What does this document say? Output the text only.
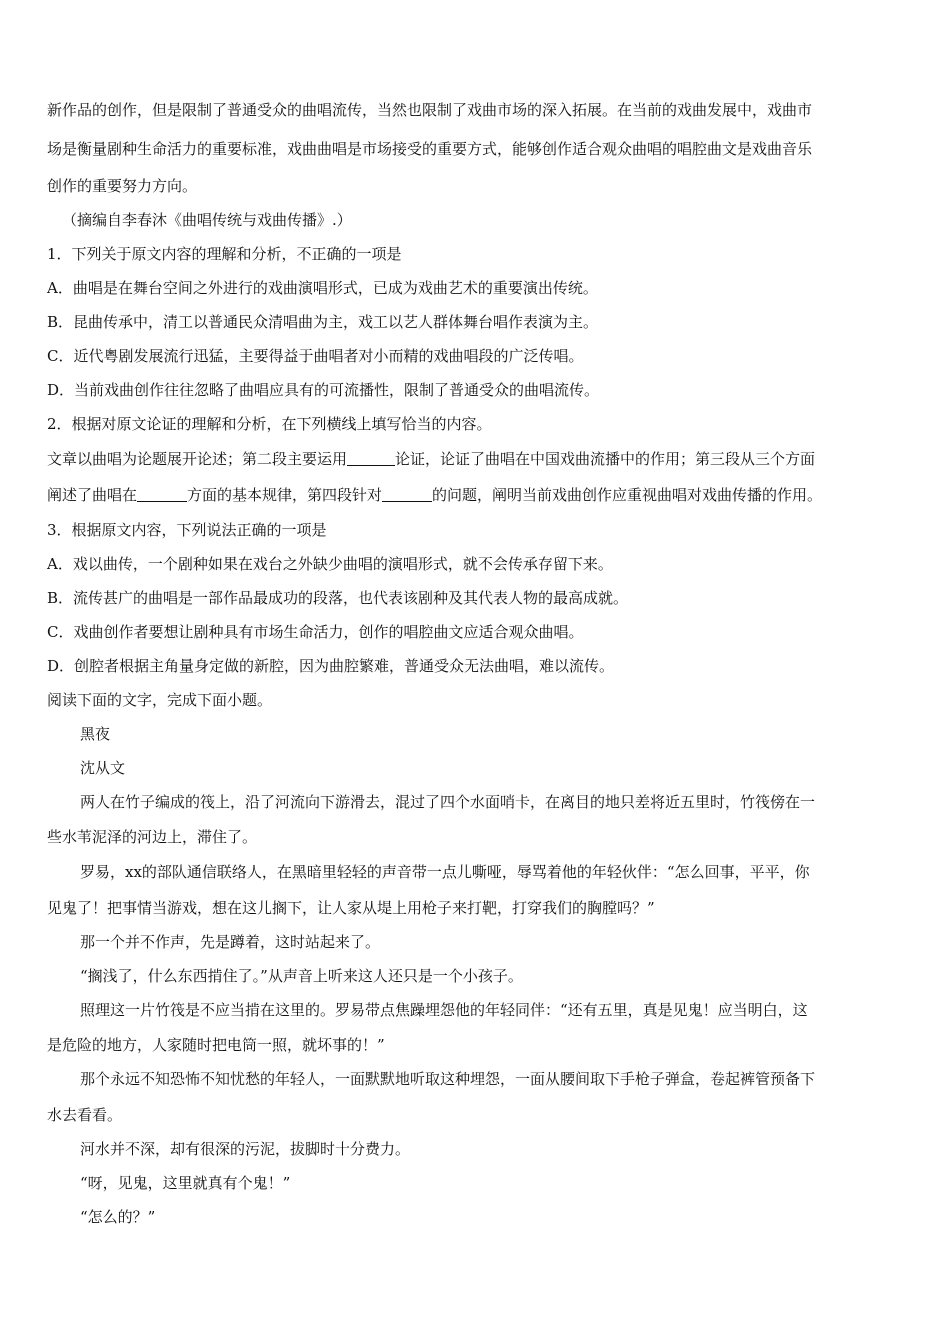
新作品的创作，但是限制了普通受众的曲唱流传，当然也限制了戏曲市场的深入拓展。在当前的戏曲发展中，戏曲市
场是衡量剧种生命活力的重要标准，戏曲曲唱是市场接受的重要方式，能够创作适合观众曲唱的唱腔曲文是戏曲音乐
创作的重要努力方向。
（摘编自李春沐《曲唱传统与戏曲传播》.）
1．下列关于原文内容的理解和分析，不正确的一项是
A．曲唱是在舞台空间之外进行的戏曲演唱形式，已成为戏曲艺术的重要演出传统。
B．昆曲传承中，清工以普通民众清唱曲为主，戏工以艺人群体舞台唱作表演为主。
C．近代粤剧发展流行迅猛，主要得益于曲唱者对小而精的戏曲唱段的广泛传唱。
D．当前戏曲创作往往忽略了曲唱应具有的可流播性，限制了普通受众的曲唱流传。
2．根据对原文论证的理解和分析，在下列横线上填写恰当的内容。
文章以曲唱为论题展开论述；第二段主要运用	论证，论证了曲唱在中国戏曲流播中的作用；第三段从三个方面
阐述了曲唱在	方面的基本规律，第四段针对	的问题，阐明当前戏曲创作应重视曲唱对戏曲传播的作用。
3．根据原文内容，下列说法正确的一项是
A．戏以曲传，一个剧种如果在戏台之外缺少曲唱的演唱形式，就不会传承存留下来。
B．流传甚广的曲唱是一部作品最成功的段落，也代表该剧种及其代表人物的最高成就。
C．戏曲创作者要想让剧种具有市场生命活力，创作的唱腔曲文应适合观众曲唱。
D．创腔者根据主角量身定做的新腔，因为曲腔繁难，普通受众无法曲唱，难以流传。
阅读下面的文字，完成下面小题。
黑夜
沈从文
两人在竹子编成的筏上，沿了河流向下游滑去，混过了四个水面哨卡，在离目的地只差将近五里时，竹筏傍在一
些水苇泥泽的河边上，滞住了。
罗易，xx的部队通信联络人，在黑暗里轻轻的声音带一点儿嘶哑，辱骂着他的年轻伙伴：“怎么回事，平平，你
见鬼了！把事情当游戏，想在这儿搁下，让人家从堤上用枪子来打靶，打穿我们的胸膛吗？”
那一个并不作声，先是蹲着，这时站起来了。
“搁浅了，什么东西掯住了。”从声音上听来这人还只是一个小孩子。
照理这一片竹筏是不应当掯在这里的。罗易带点焦躁埋怨他的年轻同伴：“还有五里，真是见鬼！应当明白，这
是危险的地方，人家随时把电筒一照，就坏事的！”
那个永远不知恐怖不知忧愁的年轻人，一面默默地听取这种埋怨，一面从腰间取下手枪子弹盒，卷起裤管预备下
水去看看。
河水并不深，却有很深的污泥，拔脚时十分费力。
“呀，见鬼，这里就真有个鬼！”
“怎么的？”
